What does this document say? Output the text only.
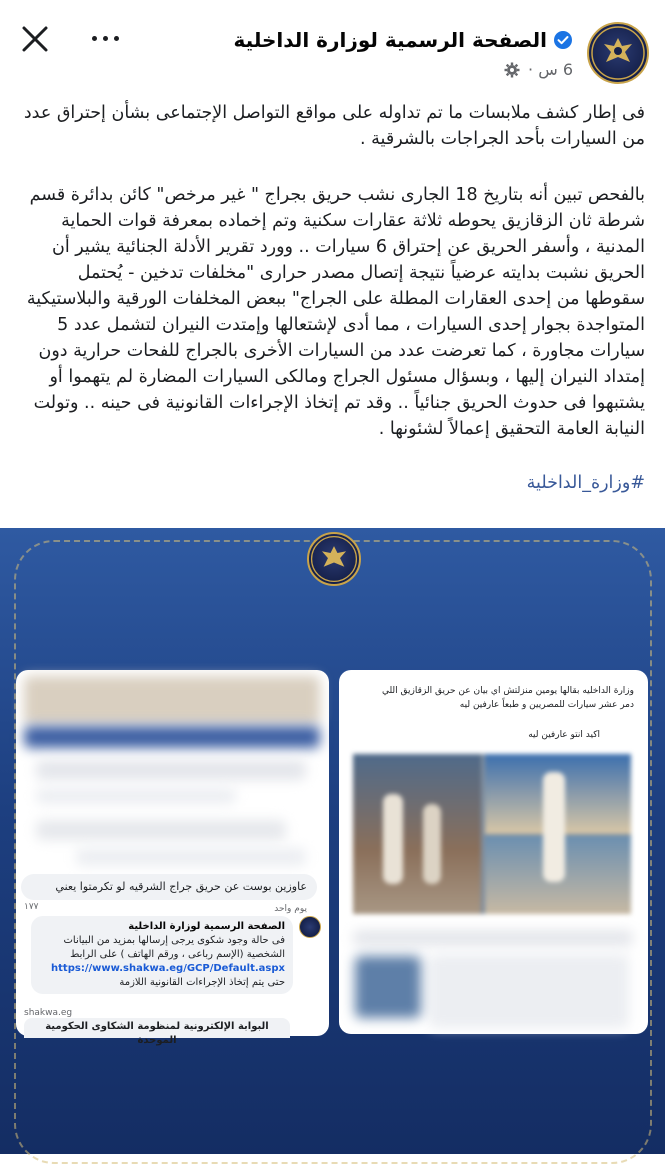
الصفحة الرسمية لوزارة الداخلية
6 س ·

فى إطار كشف ملابسات ما تم تداوله على مواقع التواصل الإجتماعى بشأن إحتراق عدد من السيارات بأحد الجراجات بالشرقية .

بالفحص تبين أنه بتاريخ 18 الجارى نشب حريق بجراج " غير مرخص" كائن بدائرة قسم شرطة ثان الزقازيق يحوطه ثلاثة عقارات سكنية وتم إخماده بمعرفة قوات الحماية المدنية ، وأسفر الحريق عن إحتراق 6 سيارات .. وورد تقرير الأدلة الجنائية يشير أن الحريق نشبت بدايته عرضياً نتيجة إتصال مصدر حرارى "مخلفات تدخين - يُحتمل سقوطها من إحدى العقارات المطلة على الجراج" ببعض المخلفات الورقية والبلاستيكية المتواجدة بجوار إحدى السيارات ، مما أدى لإشتعالها وإمتدت النيران لتشمل عدد 5 سيارات مجاورة ، كما تعرضت عدد من السيارات الأخرى بالجراج للفحات حرارية دون إمتداد النيران إليها ، وبسؤال مسئول الجراج ومالكى السيارات المضارة لم يتهموا أو يشتبهوا فى حدوث الحريق جنائياً .. وقد تم إتخاذ الإجراءات القانونية فى حينه .. وتولت النيابة العامة التحقيق إعمالاً لشئونها .

#وزارة_الداخلية
عاوزين بوست عن حريق جراج الشرقيه لو تكرمتوا يعني
يوم واحد
١٧٧
الصفحة الرسمية لوزارة الداخلية
فى حالة وجود شكوى يرجى إرسالها بمزيد من البيانات الشخصية (الإسم رباعى ، ورقم الهاتف ) على الرابط
https://www.shakwa.eg/GCP/Default.aspx
حتى يتم إتخاذ الإجراءات القانونية اللازمة
shakwa.eg
البوابة الإلكترونية لمنظومة الشكاوى الحكومية الموحدة
وزارة الداخليه بقالها يومين منزلتش اي بيان عن حريق الزقازيق اللي دمر عشر سيارات للمصريين و طبعاً عارفين ليه
اكيد انتو عارفين ليه
